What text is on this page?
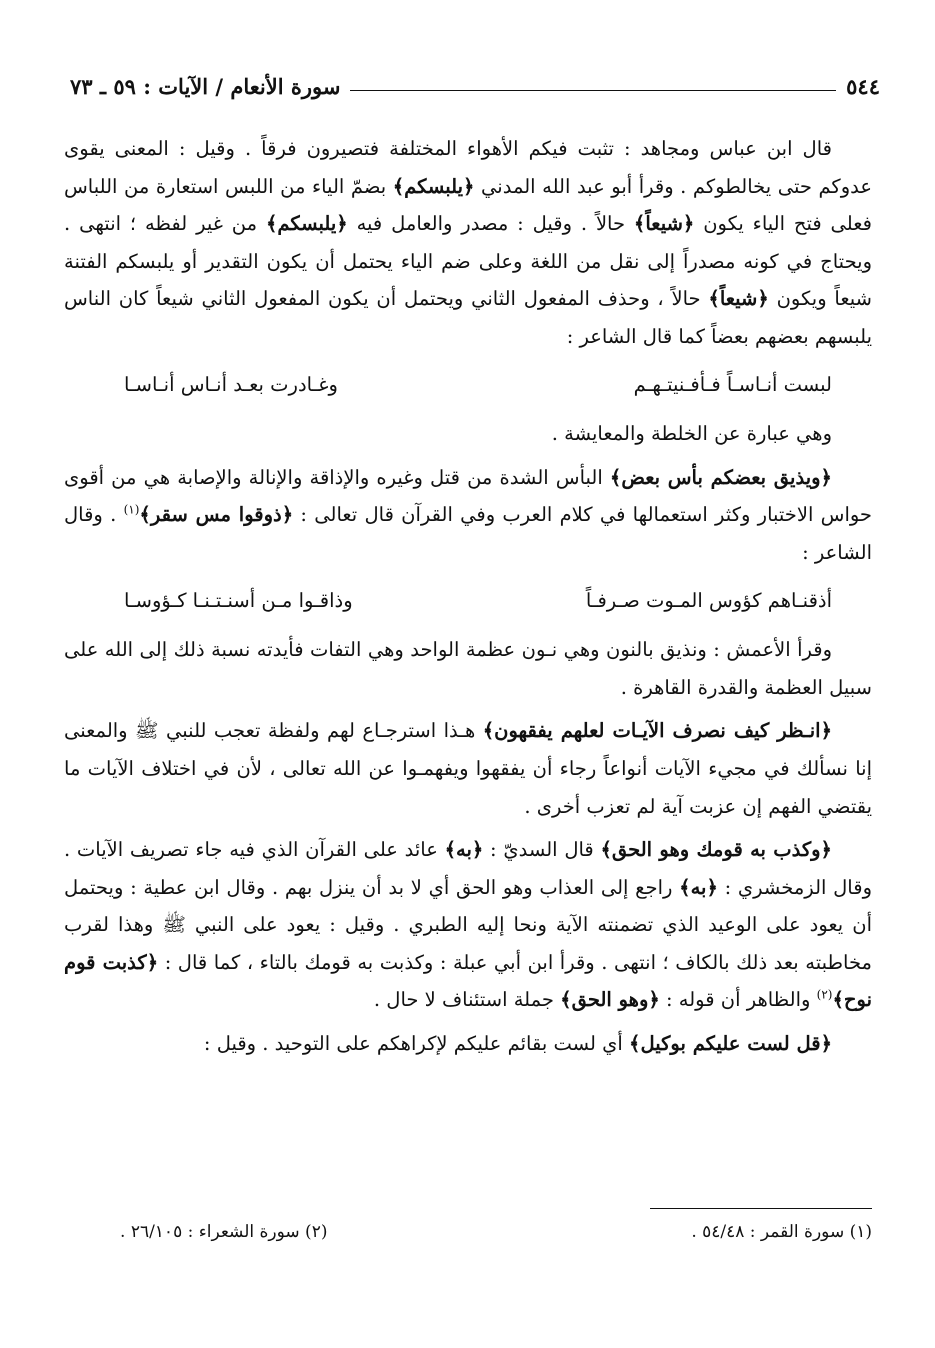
٥٤٤
سورة الأنعام / الآيات : ٥٩ ـ ٧٣

قال ابن عباس ومجاهد : تثبت فيكم الأهواء المختلفة فتصيرون فرقاً . وقيل : المعنى يقوى عدوكم حتى يخالطوكم . وقرأ أبو عبد الله المدني ﴿يلبسكم﴾ بضمّ الياء من اللبس استعارة من اللباس فعلى فتح الياء يكون ﴿شيعاً﴾ حالاً . وقيل : مصدر والعامل فيه ﴿يلبسكم﴾ من غير لفظه ؛ انتهى . ويحتاج في كونه مصدراً إلى نقل من اللغة وعلى ضم الياء يحتمل أن يكون التقدير أو يلبسكم الفتنة شيعاً ويكون ﴿شيعاً﴾ حالاً ، وحذف المفعول الثاني ويحتمل أن يكون المفعول الثاني شيعاً كان الناس يلبسهم بعضهم بعضاً كما قال الشاعر :

لبست أنـاسـاً فـأفـنيتـهـم
وغـادرت بعـد أنـاس أنـاسـا

وهي عبارة عن الخلطة والمعايشة .

﴿ويذيق بعضكم بأس بعض﴾ البأس الشدة من قتل وغيره والإذاقة والإنالة والإصابة هي من أقوى حواس الاختبار وكثر استعمالها في كلام العرب وفي القرآن قال تعالى : ﴿ذوقوا مس سقر﴾$^{(١)}$ . وقال الشاعر :

أذقنـاهم كؤوس المـوت صـرفـاً
وذاقـوا مـن أسنـتـنـا كـؤوسـا

وقرأ الأعمش : ونذيق بالنون وهي نـون عظمة الواحد وهي التفات فأيدته نسبة ذلك إلى الله على سبيل العظمة والقدرة القاهرة .

﴿انـظر كيف نصرف الآيـات لعلهم يفقهون﴾ هـذا استرجـاع لهم ولفظة تعجب للنبي ﷺ والمعنى إنا نسألك في مجيء الآيات أنواعاً رجاء أن يفقهوا ويفهمـوا عن الله تعالى ، لأن في اختلاف الآيات ما يقتضي الفهم إن عزبت آية لم تعزب أخرى .

﴿وكذب به قومك وهو الحق﴾ قال السديّ : ﴿به﴾ عائد على القرآن الذي فيه جاء تصريف الآيات . وقال الزمخشري : ﴿به﴾ راجع إلى العذاب وهو الحق أي لا بد أن ينزل بهم . وقال ابن عطية : ويحتمل أن يعود على الوعيد الذي تضمنته الآية ونحا إليه الطبري . وقيل : يعود على النبي ﷺ وهذا لقرب مخاطبته بعد ذلك بالكاف ؛ انتهى . وقرأ ابن أبي عبلة : وكذبت به قومك بالتاء ، كما قال : ﴿كذبت قوم نوح﴾$^{(٢)}$ والظاهر أن قوله : ﴿وهو الحق﴾ جملة استئناف لا حال .

﴿قل لست عليكم بوكيل﴾ أي لست بقائم عليكم لإكراهكم على التوحيد . وقيل :

(١) سورة القمر : ٥٤/٤٨ .
(٢) سورة الشعراء : ٢٦/١٠٥ .
